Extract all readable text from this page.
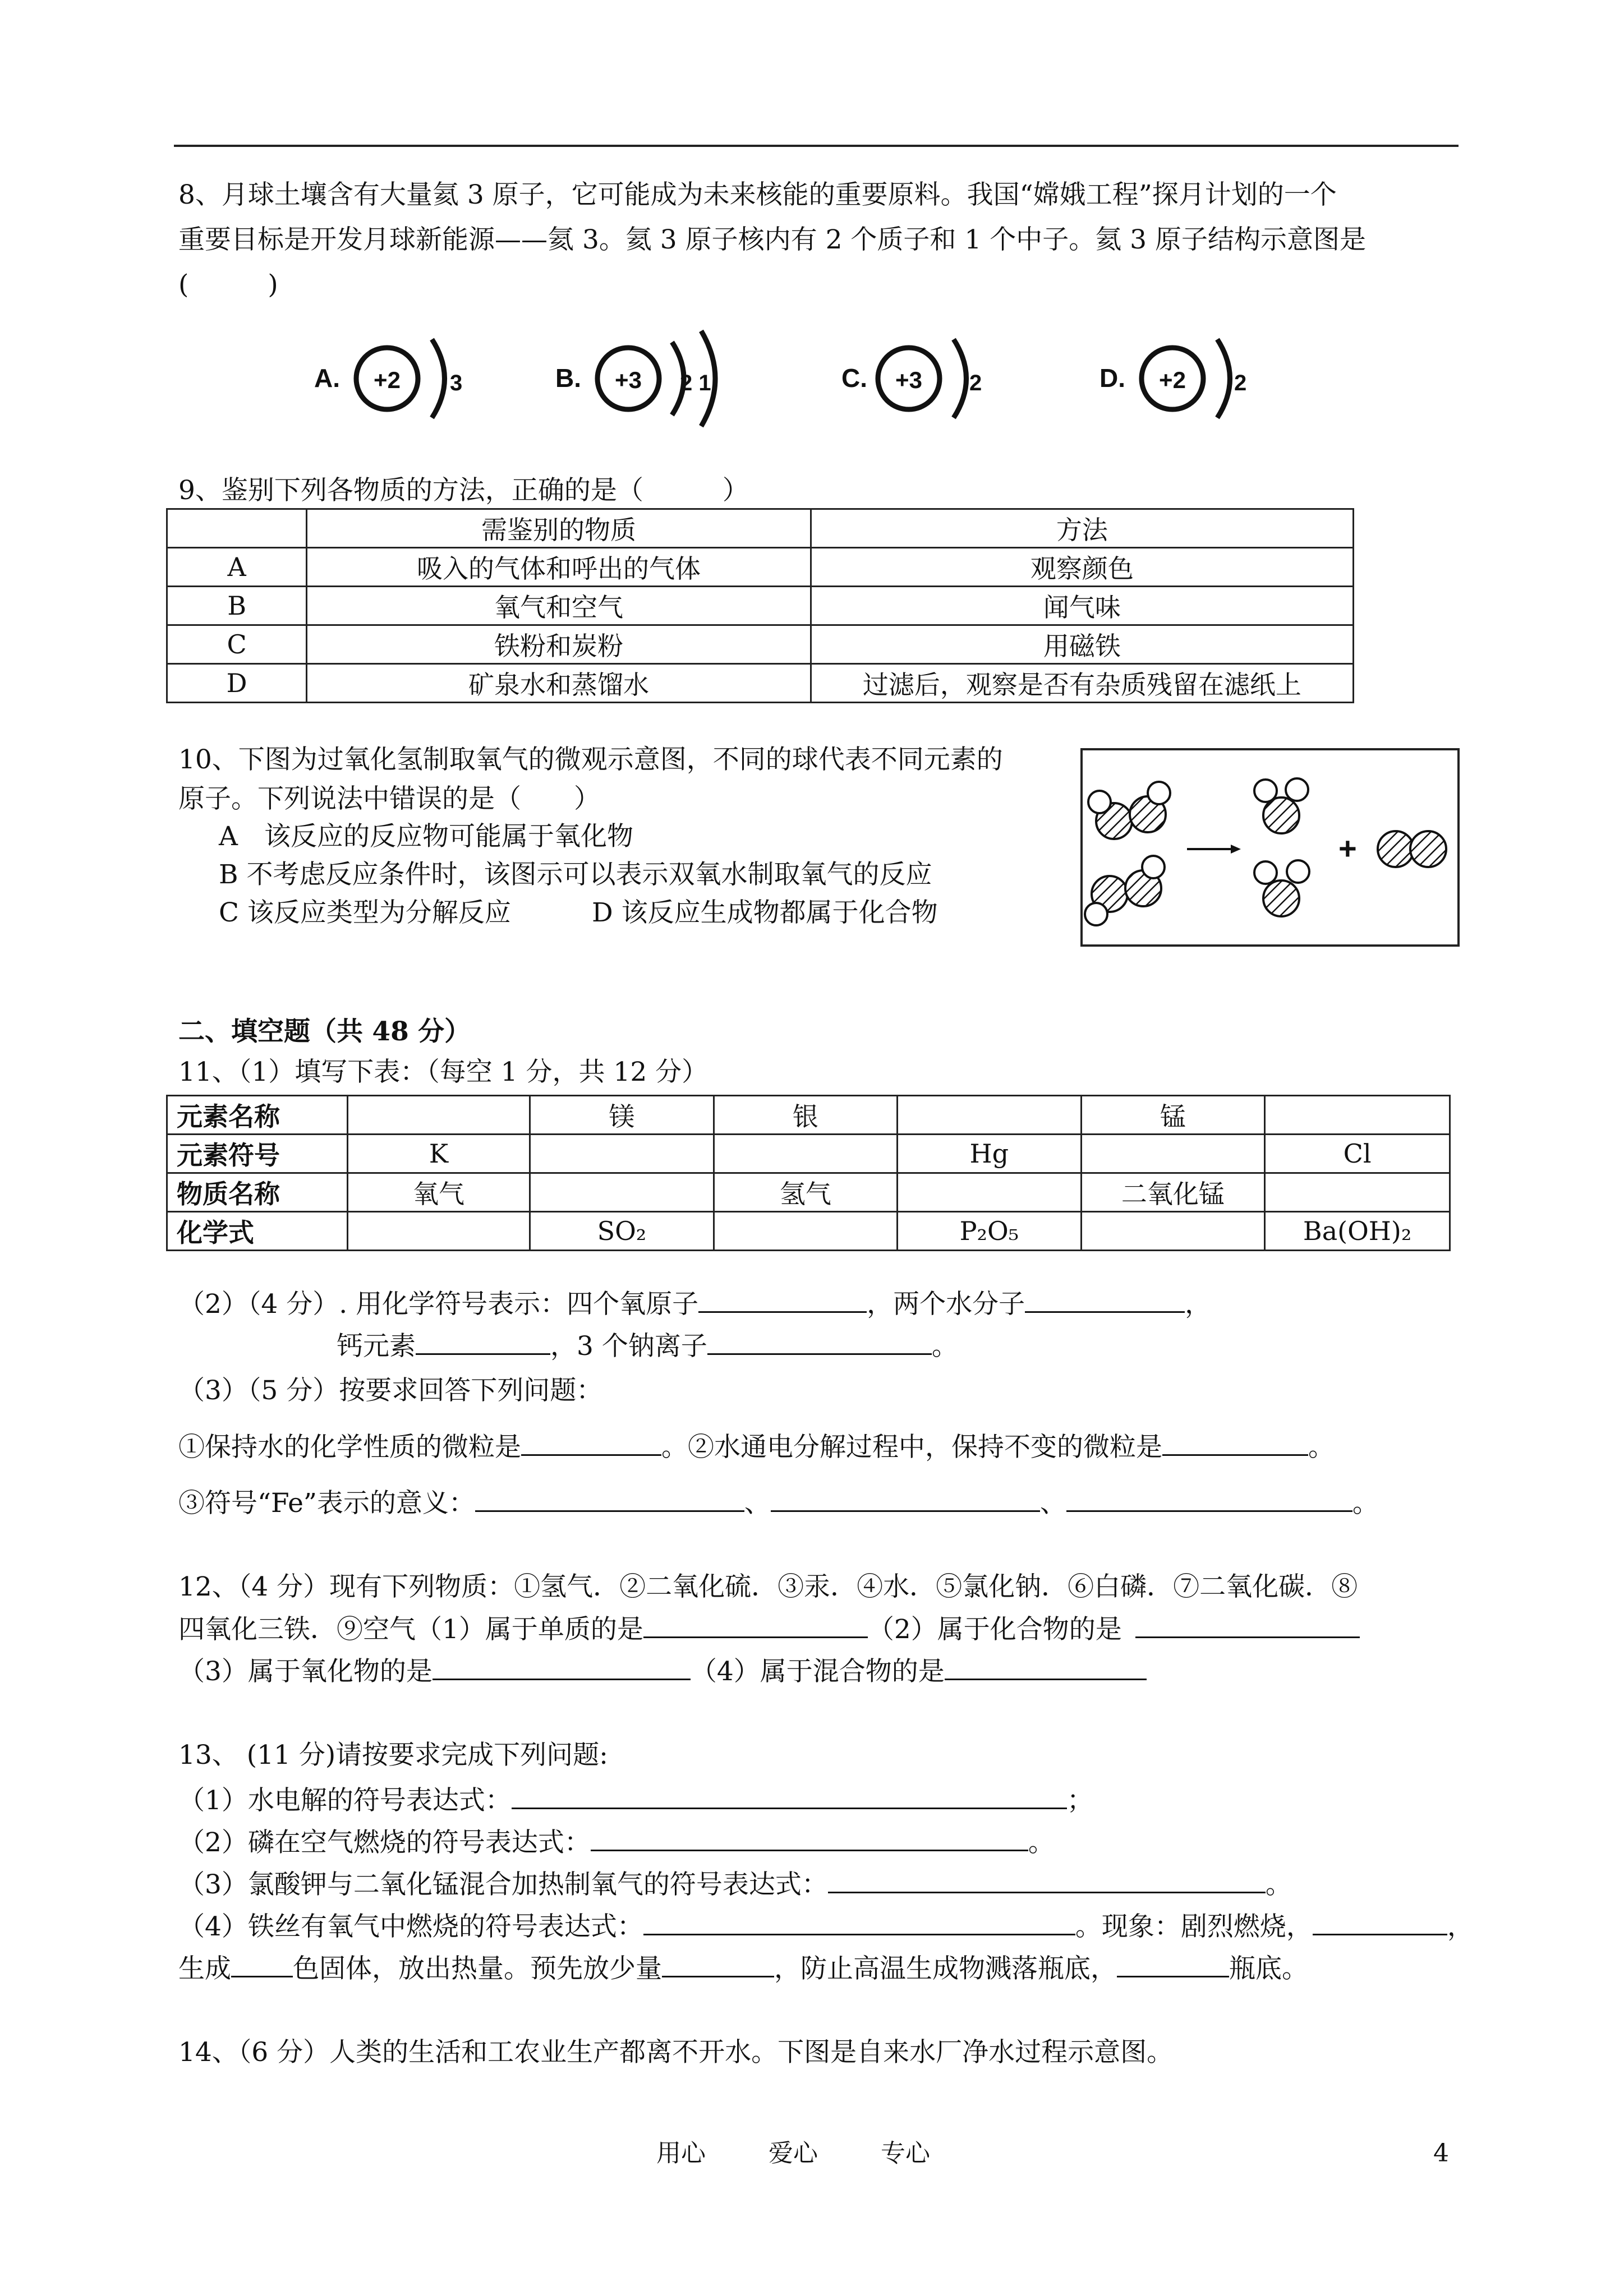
8、月球土壤含有大量氦 3 原子，它可能成为未来核能的重要原料。我国“嫦娥工程”探月计划的一个
重要目标是开发月球新能源——氦 3。氦 3 原子核内有 2 个质子和 1 个中子。氦 3 原子结构示意图是
(　　　)
A. +2 3	B. +3 2 1	C. +3 2	D. +2 2
9、鉴别下列各物质的方法，正确的是（　　　）
	需鉴别的物质	方法
A	吸入的气体和呼出的气体	观察颜色
B	氧气和空气	闻气味
C	铁粉和炭粉	用磁铁
D	矿泉水和蒸馏水	过滤后，观察是否有杂质残留在滤纸上
10、下图为过氧化氢制取氧气的微观示意图，不同的球代表不同元素的
原子。下列说法中错误的是（　　）
A　该反应的反应物可能属于氧化物
B 不考虑反应条件时，该图示可以表示双氧水制取氧气的反应
C 该反应类型为分解反应	D 该反应生成物都属于化合物
+
二、填空题（共 48 分）
11、（1）填写下表：（每空 1 分，共 12 分）
元素名称		镁	银		锰	
元素符号	K			Hg		Cl
物质名称	氧气		氢气		二氧化锰	
化学式		SO₂		P₂O₅		Ba(OH)₂
（2）（4 分）. 用化学符号表示：四个氧原子	，两个水分子	，
钙元素	，3 个钠离子	。
（3）（5 分）按要求回答下列问题：
①保持水的化学性质的微粒是	。②水通电分解过程中，保持不变的微粒是	。
③符号“Fe”表示的意义：	、	、	。
12、（4 分）现有下列物质：①氢气．②二氧化硫．③汞．④水．⑤氯化钠．⑥白磷．⑦二氧化碳．⑧
四氧化三铁．⑨空气（1）属于单质的是	（2）属于化合物的是
（3）属于氧化物的是	（4）属于混合物的是
13、 (11 分)请按要求完成下列问题:
（1）水电解的符号表达式：	；
（2）磷在空气燃烧的符号表达式：	。
（3）氯酸钾与二氧化锰混合加热制氧气的符号表达式：	。
（4）铁丝有氧气中燃烧的符号表达式：	。现象：剧烈燃烧，	，
生成 色固体，放出热量。预先放少量	，防止高温生成物溅落瓶底，	瓶底。
14、（6 分）人类的生活和工农业生产都离不开水。下图是自来水厂净水过程示意图。
用心	爱心	专心	4
